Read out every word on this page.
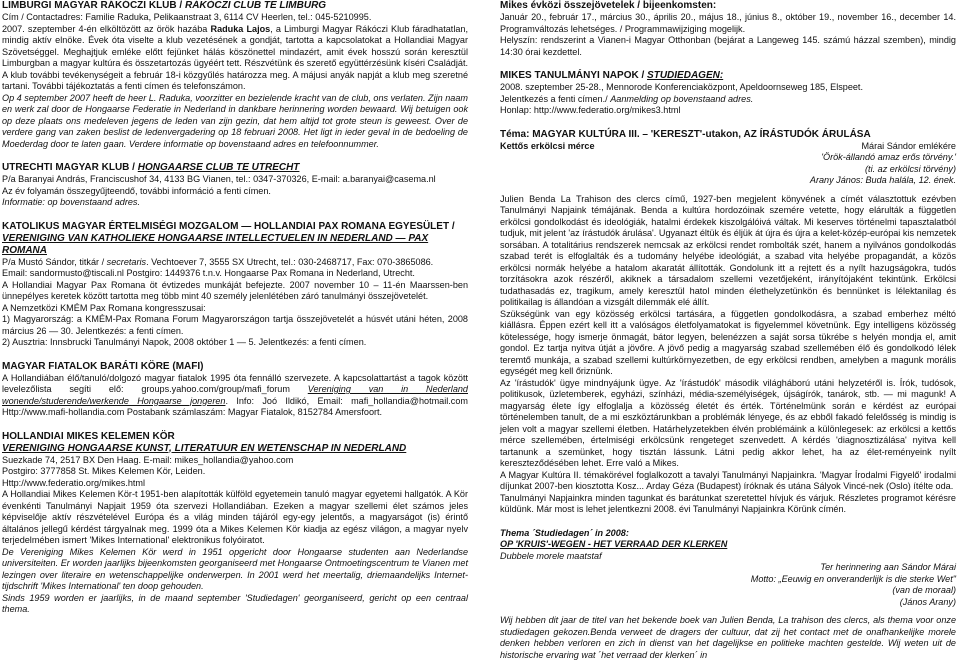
LIMBURGI MAGYAR RÁKÓCZI KLUB / RÁKÓCZI CLUB TE LIMBURG

Cím / Contactadres: Familie Raduka, Pelikaanstraat 3, 6114 CV Heerlen, tel.: 045-5210995.

2007. szeptember 4-én elköltözött az örök hazába Raduka Lajos, a Limburgi Magyar Rákóczi Klub fáradhatatlan, mindig aktív elnöke. Évek óta viselte a klub vezetésének a gondját, tartotta a kapcsolatokat a Hollandiai Magyar Szövetséggel. Meghajtjuk emléke előtt fejünket hálás köszönettel mindazért, amit évek hosszú során keresztül Limburgban a magyar kultúra és összetartozás ügyéért tett. Részvétünk és szerető együttérzésünk kíséri Családját. A klub további tevékenységeit a február 18-i közgyűlés határozza meg. A májusi anyák napját a klub meg szeretné tartani. További tájékoztatás a fenti címen és telefonszámon.

Op 4 september 2007 heeft de heer L. Raduka, voorzitter en bezielende kracht van de club, ons verlaten. Zijn naam en werk zal door de Hongaarse Federatie in Nederland in dankbare herinnering worden bewaard. Wij betuigen ook op deze plaats ons medeleven jegens de leden van zijn gezin, dat hem altijd tot grote steun is geweest. Over de verdere gang van zaken beslist de ledenvergadering op 18 februari 2008. Het ligt in ieder geval in de bedoeling de Moederdag door te laten gaan. Verdere informatie op bovenstaand adres en telefoonnummer.

UTRECHTI MAGYAR KLUB / HONGAARSE CLUB TE UTRECHT

P/a Baranyai András, Franciscushof 34, 4133 BG Vianen, tel.: 0347-370326, E-mail: a.baranyai@casema.nl

Az év folyamán összegyűjteendő, további információ a fenti címen.

Informatie: op bovenstaand adres.

KATOLIKUS MAGYAR ÉRTELMISÉGI MOZGALOM — HOLLANDIAI PAX ROMANA EGYESÜLET / VERENIGING VAN KATHOLIEKE HONGAARSE INTELLECTUELEN IN NEDERLAND — PAX ROMANA

P/a Mustó Sándor, titkár / secretaris. Vechtoever 7, 3555 SX Utrecht, tel.: 030-2468717, Fax: 070-3865086.

Email: sandormusto@tiscali.nl Postgiro: 1449376 t.n.v. Hongaarse Pax Romana in Nederland, Utrecht.

A Hollandiai Magyar Pax Romana öt évtizedes munkáját befejezte. 2007 november 10 – 11-én Maarssen-ben ünnepélyes keretek között tartotta meg több mint 40 személy jelenlétében záró tanulmányi összejövetelét.

A Nemzetközi KMÉM Pax Romana kongresszusai:

1) Magyarország: a KMÉM-Pax Romana Forum Magyarországon tartja összejövetelét a húsvét utáni héten, 2008 március 26 — 30. Jelentkezés: a fenti címen.

2) Ausztria: Innsbrucki Tanulmányi Napok, 2008 október 1 — 5. Jelentkezés: a fenti címen.

MAGYAR FIATALOK BARÁTI KÖRE (MAFI)

A Hollandiában élő/tanuló/dolgozó magyar fiatalok 1995 óta fennálló szervezete. A kapcsolattartást a tagok között levelezőlista segíti elő: groups.yahoo.com/group/mafi_forum Vereniging van in Nederland wonende/studerende/werkende Hongaarse jongeren. Info: Joó Ildikó, Email: mafi_hollandia@hotmail.com Http://www.mafi-hollandia.com Postabank számlaszám: Magyar Fiatalok, 8152784 Amersfoort.

HOLLANDIAI MIKES KELEMEN KÖR
VERENIGING HONGAARSE KUNST, LITERATUUR EN WETENSCHAP IN NEDERLAND

Suezkade 74, 2517 BX Den Haag. E-mail: mikes_hollandia@yahoo.com

Postgiro: 3777858 St. Mikes Kelemen Kör, Leiden.

Http://www.federatio.org/mikes.html

A Hollandiai Mikes Kelemen Kör-t 1951-ben alapították külföld egyetemein tanuló magyar egyetemi hallgatók. A Kör évenkénti Tanulmányi Napjait 1959 óta szervezi Hollandiában. Ezeken a magyar szellemi élet számos jeles képviselője aktív részvételével Európa és a világ minden tájáról egy-egy jelentős, a magyarságot (is) érintő általános jellegű kérdést tárgyalnak meg. 1999 óta a Mikes Kelemen Kör kiadja az egész világon, a magyar nyelv terjedelmében ismert 'Mikes International' elektronikus folyóiratot.

De Vereniging Mikes Kelemen Kör werd in 1951 opgericht door Hongaarse studenten aan Nederlandse universiteiten. Er worden jaarlijks bijeenkomsten georganiseerd met Hongaarse Ontmoetingscentrum te Vianen met lezingen over literaire en wetenschappelijke onderwerpen. In 2001 werd het meertalig, driemaandelijks Internet-tijdschrift 'Mikes International' ten doop gehouden.

Sinds 1959 worden er jaarlijks, in de maand september 'Studiedagen' georganiseerd, gericht op een centraal thema.

Mikes évközi összejövetelek / bijeenkomsten:

Január 20., február 17., március 30., április 20., május 18., június 8., október 19., november 16., december 14. Programváltozás lehetséges. / Programmawijziging mogelijk.

Helyszín: rendszerint a Vianen-i Magyar Otthonban (bejárat a Langeweg 145. számú házzal szemben), mindig 14:30 órai kezdettel.

MIKES TANULMÁNYI NAPOK / STUDIEDAGEN:

2008. szeptember 25-28., Mennorode Konferenciaközpont, Apeldoornseweg 185, Elspeet.

Jelentkezés a fenti címen./ Aanmelding op bovenstaand adres.

Honlap: http://www.federatio.org/mikes3.html

Téma: MAGYAR KULTÚRA III. – 'KERESZT'-utakon, AZ ÍRÁSTUDÓK ÁRULÁSA
Kettős erkölcsi mérce	Márai Sándor emlékére

'Örök-állandó amaz erős törvény.'

(ti. az erkölcsi törvény)

Arany János: Buda halála, 12. ének.

Julien Benda La Trahison des clercs című, 1927-ben megjelent könyvének a címét választottuk ezévben Tanulmányi Napjaink témájának. Benda a kultúra hordozóinak szemére vetette, hogy elárulták a független erkölcsi gondolkodást és ideológiák, hatalmi érdekek kiszolgálóivá váltak. Mi keserves történelmi tapasztalatból tudjuk, mit jelent 'az írástudók árulása'. Ugyanazt éltük és éljük át újra és újra a kelet-közép-európai kis nemzetek sorsában. A totalitárius rendszerek nemcsak az erkölcsi rendet rombolták szét, hanem a nyilvános gondolkodás szabad terét is elfoglalták és a tudomány helyébe ideológiát, a szabad vita helyébe propagandát, a közös erkölcsi normák helyébe a hatalom akaratát állították. Gondolunk itt a rejtett és a nyílt hazugságokra, tudós torzításokra azok részéről, akiknek a társadalom szellemi vezetőjeként, irányítójaként tekintünk. Erkölcsi tudathasadás ez, tragikum, amely keresztül hatol minden élethelyzetünkön és bennünket is lélektanilag és politikailag is állandóan a vizsgált dilemmák elé állít.

Szükségünk van egy közösség erkölcsi tartására, a független gondolkodásra, a szabad emberhez méltó kiállásra. Éppen ezért kell itt a valóságos életfolyamatokat is figyelemmel követnünk. Egy intelligens közösség kötelessége, hogy ismerje önmagát, bátor legyen, belenézzen a saját sorsa tükrébe s helyén mondja el, amit gondol. Ez tartja nyitva útját a jövőre. A jövő pedig a magyarság szabad szellemében élő és gondolkodó lélek teremtő munkája, a szabad szellemi kultúrkörnyezetben, de egy erkölcsi rendben, amelyben a magunk morális egységét meg kell őriznünk.

Az 'írástudók' ügye mindnyájunk ügye. Az 'írástudók' második világháború utáni helyzetéről is. Írók, tudósok, politikusok, üzletemberek, egyházi, színházi, média-személyiségek, újságírók, tanárok, stb. — mi magunk! A magyarság élete így elfoglalja a közösség életét és érték. Történelmünk során e kérdést az európai történelemben tanult, de a mi eszköztárunkban a problémák lényege, és az ebből fakadó felelősség is mindig is jelen volt a magyar szellemi életben. Határhelyzetekben élvén problémáink a különlegesek: az erkölcsi a kettős mérce szellemében, értelmiségi erkölcsünk rengeteget szenvedett. A kérdés 'diagnosztizálása' nyitva kell tartanunk a szemünket, hogy tisztán lássunk. Látni pedig akkor lehet, ha az élet-reményeink nyílt kereszteződésében lehet. Erre való a Mikes.

A Magyar Kultúra II. témakörével foglalkozott a tavalyi Tanulmányi Napjainkra. 'Magyar Írodalmi Figyelő' irodalmi díjunkat 2007-ben kiosztotta Kosz... Arday Géza (Budapest) íróknak és utána Sályok Vincé-nek (Oslo) ítélte oda.

Tanulmányi Napjainkra minden tagunkat és barátunkat szeretettel hívjuk és várjuk. Részletes programot kérésre küldünk. Már most is lehet jelentkezni 2008. évi Tanulmányi Napjainkra Körünk címén.

Thema ´Studiedagen´ in 2008:

OP 'KRUIS'-WEGEN - HET VERRAAD DER KLERKEN

Dubbele morele maatstaf

Ter herinnering aan Sándor Márai

Motto: „Eeuwig en onveranderlijk is die sterke Wet"

(van de moraal)

(János Arany)

Wij hebben dit jaar de titel van het bekende boek van Julien Benda, La trahison des clercs, als thema voor onze studiedagen gekozen.Benda verweet de dragers der cultuur, dat zij het contact met de onafhankelijke morele denken hebben verloren en zich in dienst van het dagelijkse en politieke machten gestelde. Wij weten uit de historische ervaring wat ´het verraad der klerken´ in
